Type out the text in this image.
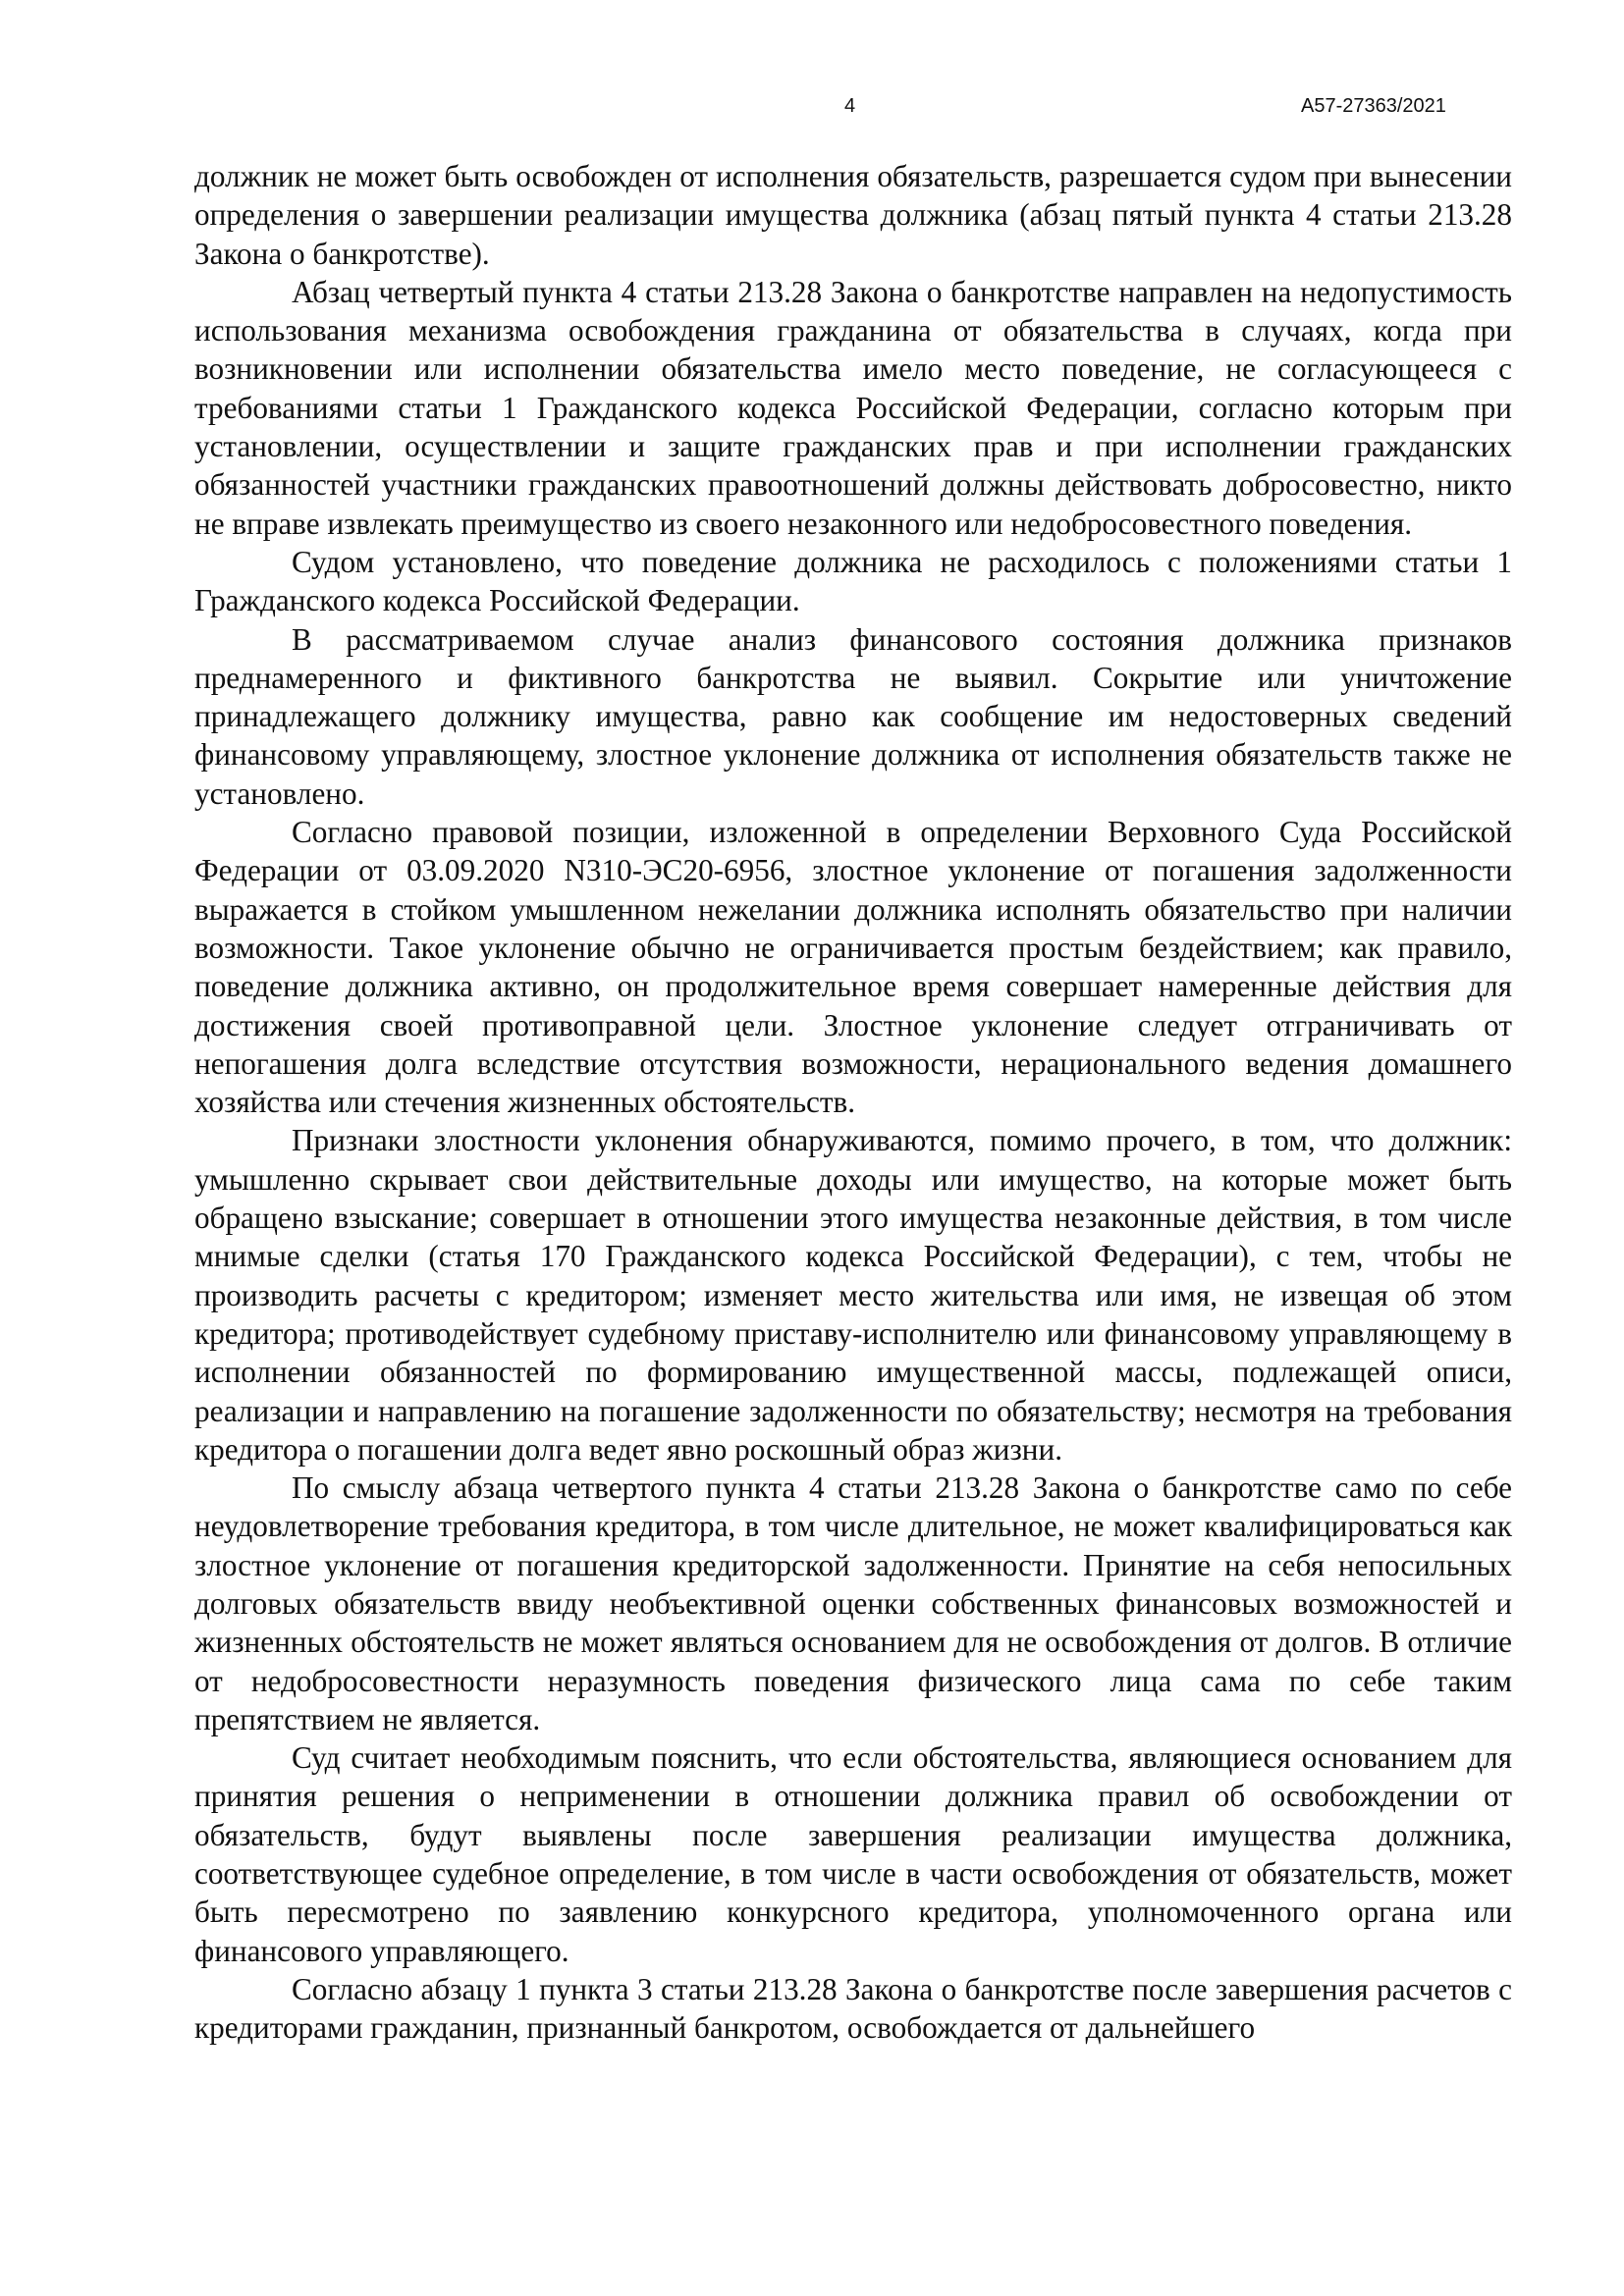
4	А57-27363/2021

должник не может быть освобожден от исполнения обязательств, разрешается судом при вынесении определения о завершении реализации имущества должника (абзац пятый пункта 4 статьи 213.28 Закона о банкротстве).

Абзац четвертый пункта 4 статьи 213.28 Закона о банкротстве направлен на недопустимость использования механизма освобождения гражданина от обязательства в случаях, когда при возникновении или исполнении обязательства имело место поведение, не согласующееся с требованиями статьи 1 Гражданского кодекса Российской Федерации, согласно которым при установлении, осуществлении и защите гражданских прав и при исполнении гражданских обязанностей участники гражданских правоотношений должны действовать добросовестно, никто не вправе извлекать преимущество из своего незаконного или недобросовестного поведения.

Судом установлено, что поведение должника не расходилось с положениями статьи 1 Гражданского кодекса Российской Федерации.

В рассматриваемом случае анализ финансового состояния должника признаков преднамеренного и фиктивного банкротства не выявил. Сокрытие или уничтожение принадлежащего должнику имущества, равно как сообщение им недостоверных сведений финансовому управляющему, злостное уклонение должника от исполнения обязательств также не установлено.

Согласно правовой позиции, изложенной в определении Верховного Суда Российской Федерации от 03.09.2020 N310-ЭС20-6956, злостное уклонение от погашения задолженности выражается в стойком умышленном нежелании должника исполнять обязательство при наличии возможности. Такое уклонение обычно не ограничивается простым бездействием; как правило, поведение должника активно, он продолжительное время совершает намеренные действия для достижения своей противоправной цели. Злостное уклонение следует отграничивать от непогашения долга вследствие отсутствия возможности, нерационального ведения домашнего хозяйства или стечения жизненных обстоятельств.

Признаки злостности уклонения обнаруживаются, помимо прочего, в том, что должник: умышленно скрывает свои действительные доходы или имущество, на которые может быть обращено взыскание; совершает в отношении этого имущества незаконные действия, в том числе мнимые сделки (статья 170 Гражданского кодекса Российской Федерации), с тем, чтобы не производить расчеты с кредитором; изменяет место жительства или имя, не извещая об этом кредитора; противодействует судебному приставу-исполнителю или финансовому управляющему в исполнении обязанностей по формированию имущественной массы, подлежащей описи, реализации и направлению на погашение задолженности по обязательству; несмотря на требования кредитора о погашении долга ведет явно роскошный образ жизни.

По смыслу абзаца четвертого пункта 4 статьи 213.28 Закона о банкротстве само по себе неудовлетворение требования кредитора, в том числе длительное, не может квалифицироваться как злостное уклонение от погашения кредиторской задолженности. Принятие на себя непосильных долговых обязательств ввиду необъективной оценки собственных финансовых возможностей и жизненных обстоятельств не может являться основанием для не освобождения от долгов. В отличие от недобросовестности неразумность поведения физического лица сама по себе таким препятствием не является.

Суд считает необходимым пояснить, что если обстоятельства, являющиеся основанием для принятия решения о неприменении в отношении должника правил об освобождении от обязательств, будут выявлены после завершения реализации имущества должника, соответствующее судебное определение, в том числе в части освобождения от обязательств, может быть пересмотрено по заявлению конкурсного кредитора, уполномоченного органа или финансового управляющего.

Согласно абзацу 1 пункта 3 статьи 213.28 Закона о банкротстве после завершения расчетов с кредиторами гражданин, признанный банкротом, освобождается от дальнейшего
